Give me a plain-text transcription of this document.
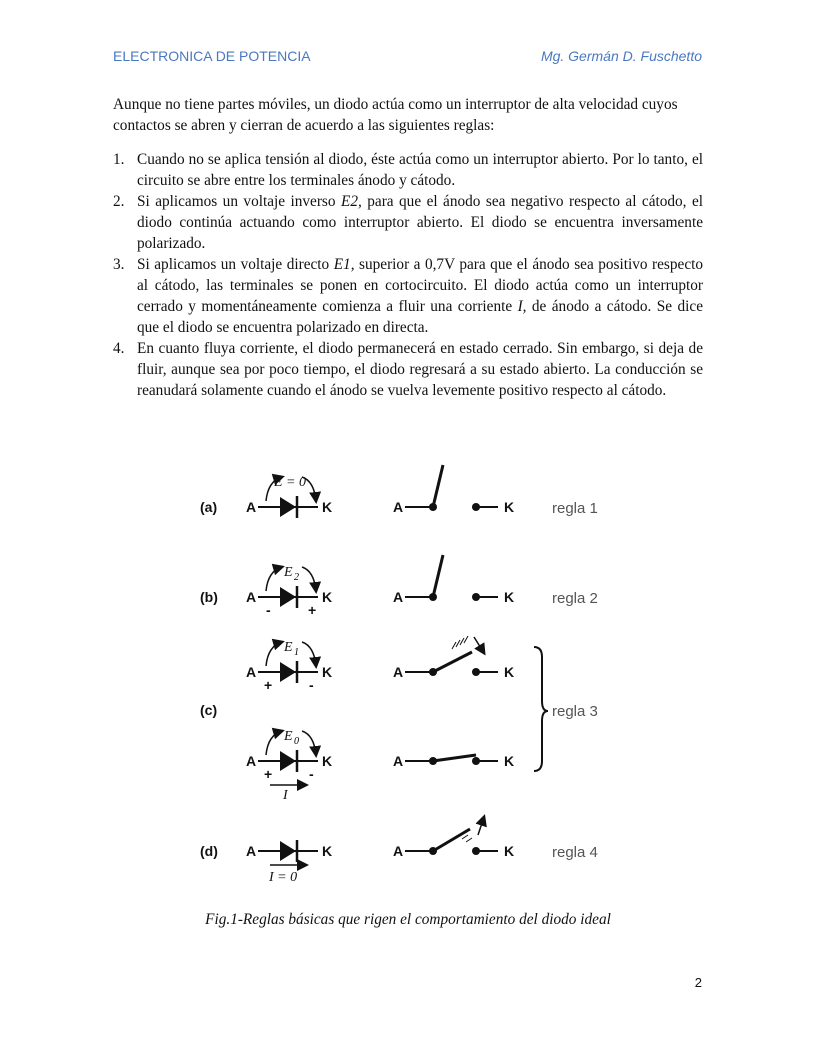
ELECTRONICA DE POTENCIA	Mg. Germán D. Fuschetto
Aunque no tiene partes móviles, un diodo actúa como un interruptor de alta velocidad cuyos contactos se abren y cierran de acuerdo a las siguientes reglas:
1. Cuando no se aplica tensión al diodo, éste actúa como un interruptor abierto. Por lo tanto, el circuito se abre entre los terminales ánodo y cátodo.
2. Si aplicamos un voltaje inverso E2, para que el ánodo sea negativo respecto al cátodo, el diodo continúa actuando como interruptor abierto. El diodo se encuentra inversamente polarizado.
3. Si aplicamos un voltaje directo E1, superior a 0,7V para que el ánodo sea positivo respecto al cátodo, las terminales se ponen en cortocircuito. El diodo actúa como un interruptor cerrado y momentáneamente comienza a fluir una corriente I, de ánodo a cátodo. Se dice que el diodo se encuentra polarizado en directa.
4. En cuanto fluya corriente, el diodo permanecerá en estado cerrado. Sin embargo, si deja de fluir, aunque sea por poco tiempo, el diodo regresará a su estado abierto. La conducción se reanudará solamente cuando el ánodo se vuelva levemente positivo respecto al cátodo.
(a) A
E = 0
K	A	K	regla 1
(b) A
E 2
-	+
K	A	K	regla 2
A
E 1
+	-
K	A	K
(c)
A
E 0
+	-
I
K	A	K
regla 3
(d) A
I = 0
K	A	K	regla 4
Fig.1-Reglas básicas que rigen el comportamiento del diodo ideal
2
